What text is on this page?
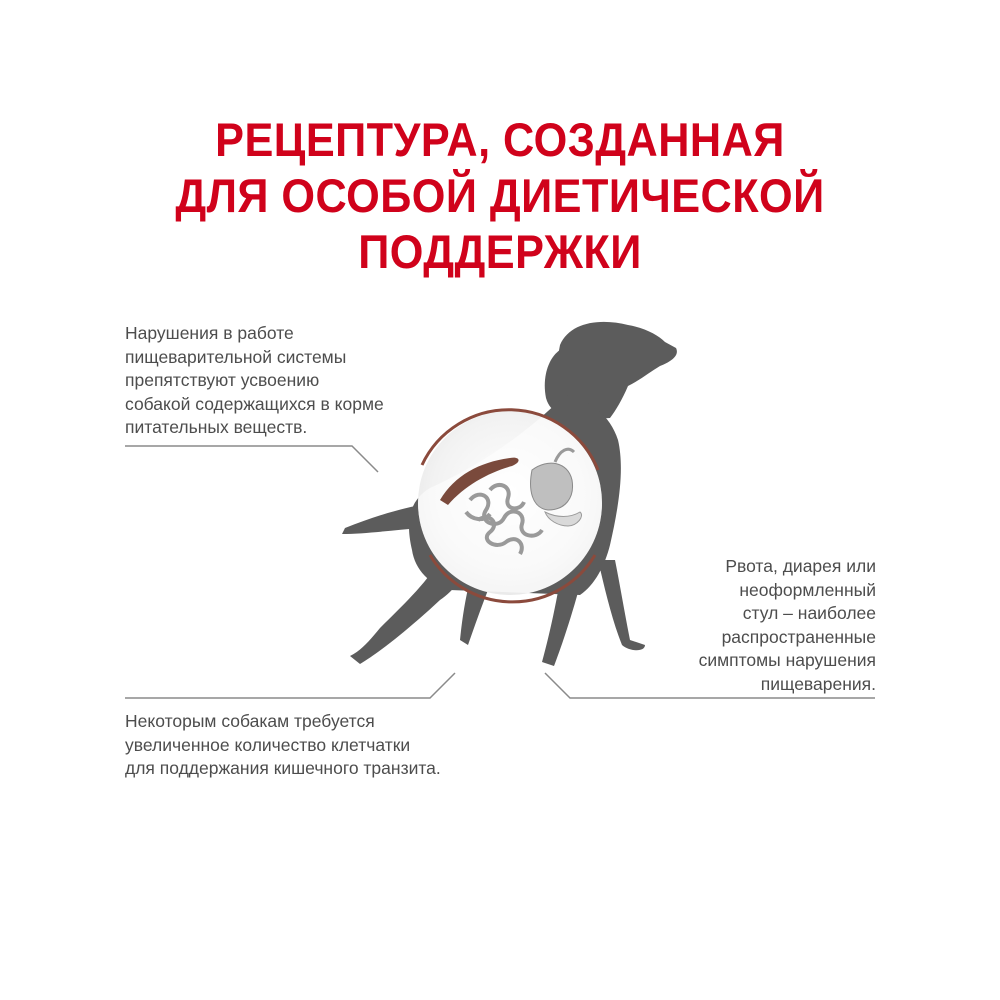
РЕЦЕПТУРА, СОЗДАННАЯ
ДЛЯ ОСОБОЙ ДИЕТИЧЕСКОЙ
ПОДДЕРЖКИ
Нарушения в работе
пищеварительной системы
препятствуют усвоению
собакой содержащихся в корме
питательных веществ.
Рвота, диарея или
неоформленный
стул – наиболее
распространенные
симптомы нарушения
пищеварения.
Некоторым собакам требуется
увеличенное количество клетчатки
для поддержания кишечного транзита.
